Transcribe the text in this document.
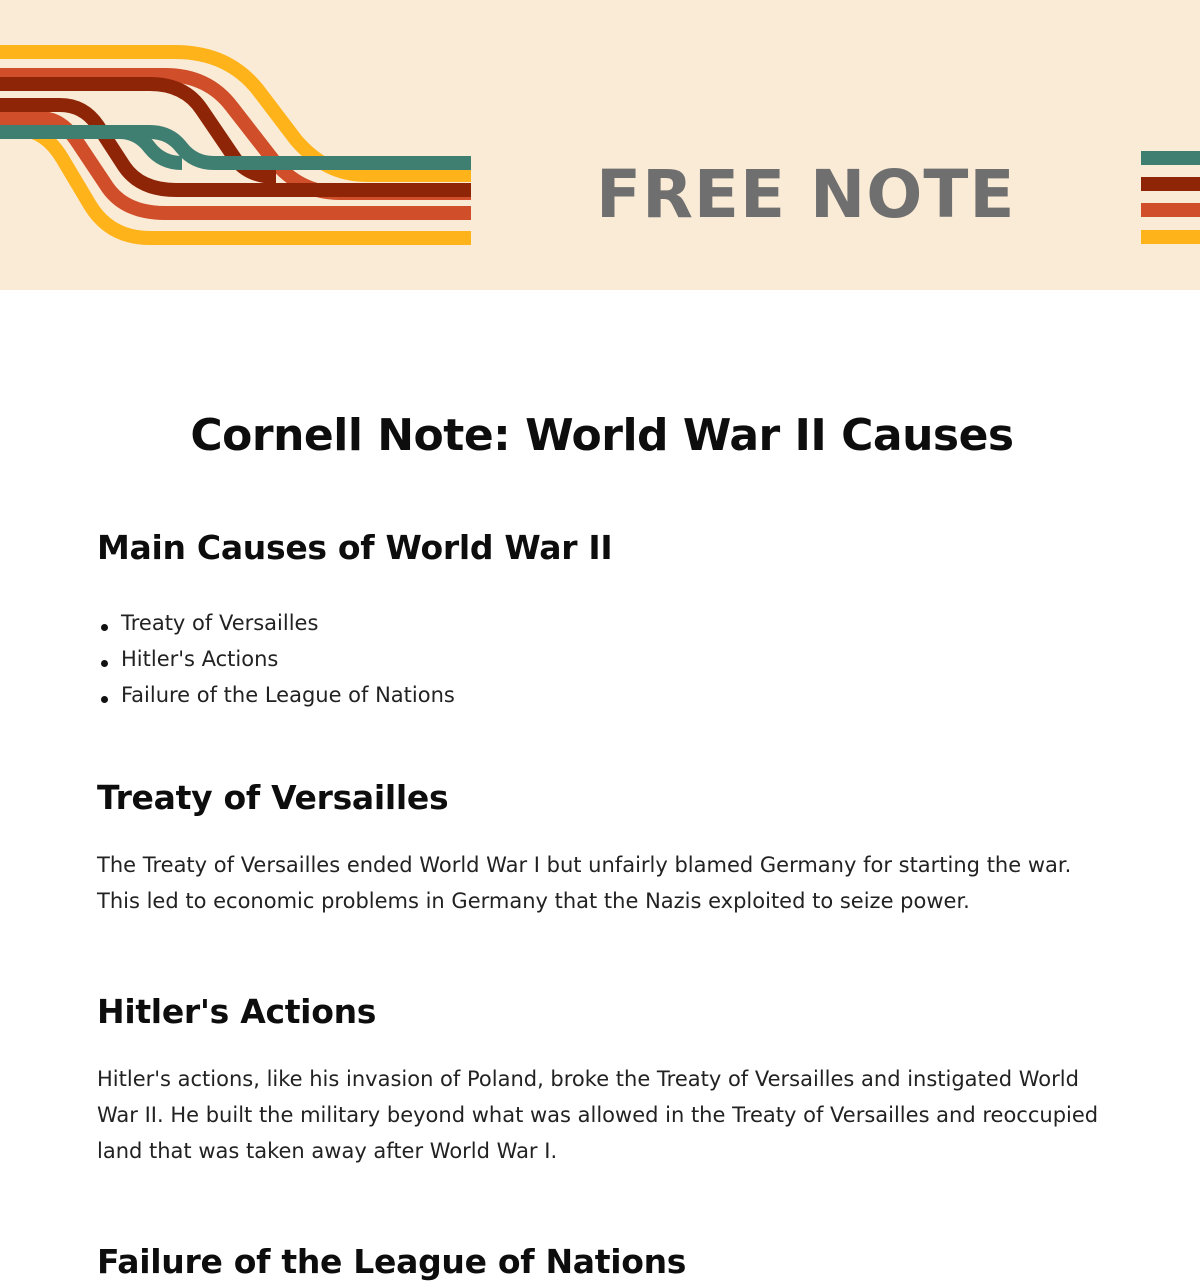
FREE NOTE
Cornell Note: World War II Causes
Main Causes of World War II
Treaty of Versailles
Hitler's Actions
Failure of the League of Nations
Treaty of Versailles

The Treaty of Versailles ended World War I but unfairly blamed Germany for starting the war. This led to economic problems in Germany that the Nazis exploited to seize power.

Hitler's Actions

Hitler's actions, like his invasion of Poland, broke the Treaty of Versailles and instigated World War II. He built the military beyond what was allowed in the Treaty of Versailles and reoccupied land that was taken away after World War I.

Failure of the League of Nations
